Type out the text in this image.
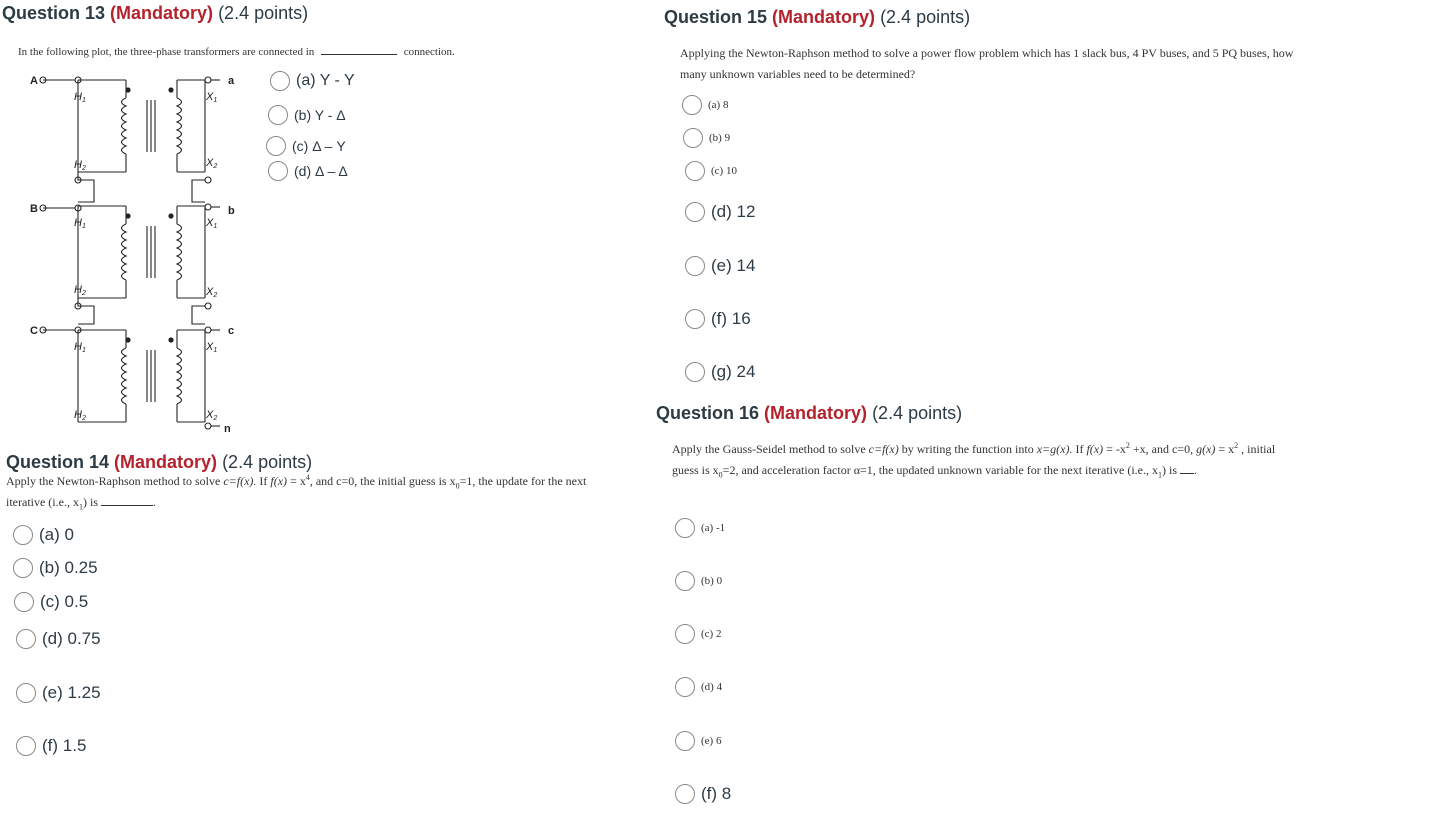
Question 13 (Mandatory) (2.4 points)
In the following plot, the three-phase transformers are connected in	connection.
A
B
C
a
b
c
n
H1
H2
X1
X2
H1
H2
X1
X2
H1
H2
X1
X2
(a) Y - Y
(b) Y - Δ
(c) Δ – Y
(d) Δ – Δ
Question 14 (Mandatory) (2.4 points)
Apply the Newton-Raphson method to solve c=f(x). If $f(x) = x^4$, and c=0, the initial guess is $x_0=1$, the update for the next
iterative (i.e., $x_1$) is	.
(a) 0
(b) 0.25
(c) 0.5
(d) 0.75
(e) 1.25
(f) 1.5
Question 15 (Mandatory) (2.4 points)
Applying the Newton-Raphson method to solve a power flow problem which has 1 slack bus, 4 PV buses, and 5 PQ buses, how
many unknown variables need to be determined?
(a) 8
(b) 9
(c) 10
(d) 12
(e) 14
(f) 16
(g) 24
Question 16 (Mandatory) (2.4 points)
Apply the Gauss-Seidel method to solve c=f(x) by writing the function into x=g(x). If $f(x) = -x^2 +x$, and c=0, $g(x) = x^2$ , initial
guess is $x_0=2$, and acceleration factor α=1, the updated unknown variable for the next iterative (i.e., $x_1$) is .
(a) -1
(b) 0
(c) 2
(d) 4
(e) 6
(f) 8
